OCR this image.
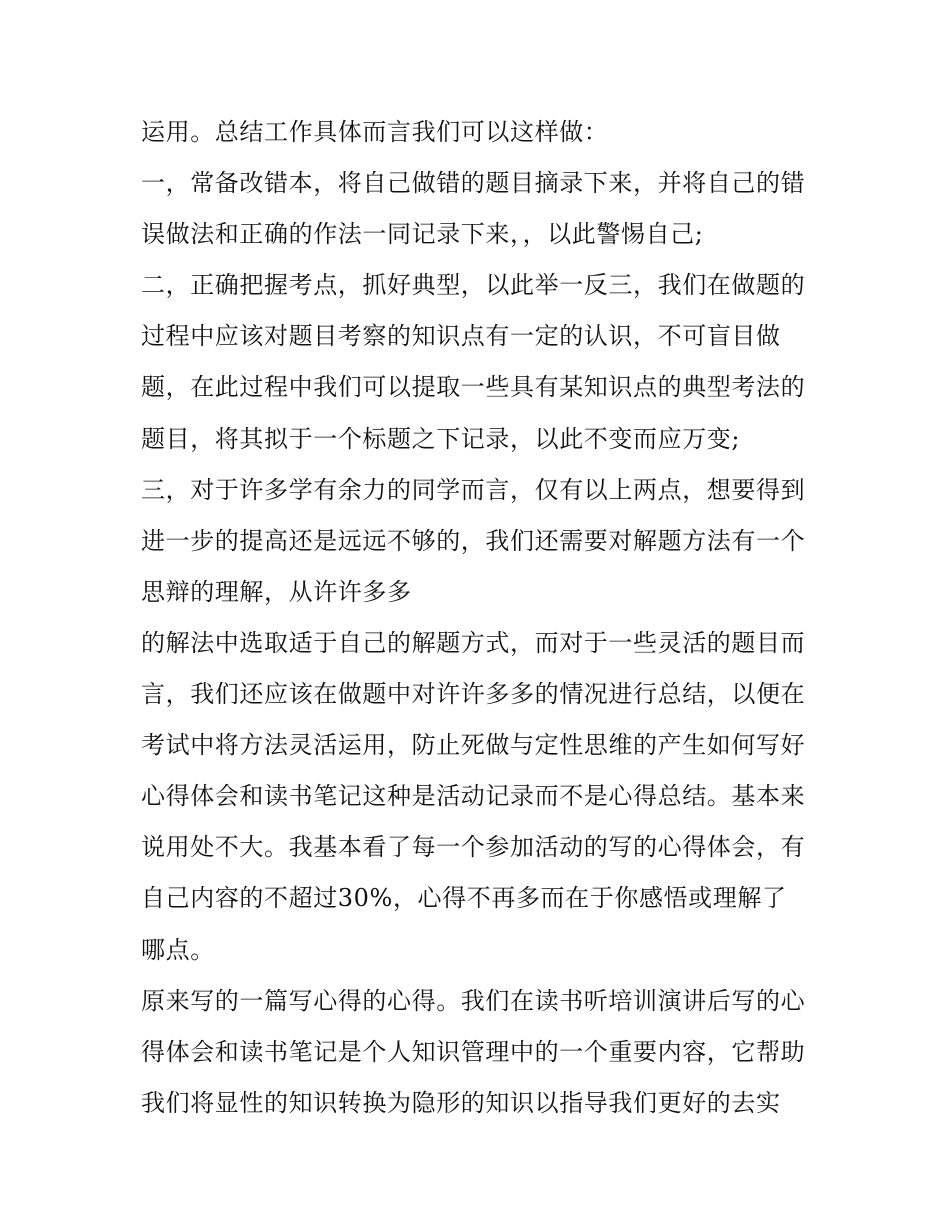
运用。总结工作具体而言我们可以这样做：
一，常备改错本，将自己做错的题目摘录下来，并将自己的错
误做法和正确的作法一同记录下来，，以此警惕自己;
二，正确把握考点，抓好典型，以此举一反三，我们在做题的
过程中应该对题目考察的知识点有一定的认识，不可盲目做
题，在此过程中我们可以提取一些具有某知识点的典型考法的
题目，将其拟于一个标题之下记录，以此不变而应万变;
三，对于许多学有余力的同学而言，仅有以上两点，想要得到
进一步的提高还是远远不够的，我们还需要对解题方法有一个
思辩的理解，从许许多多
的解法中选取适于自己的解题方式，而对于一些灵活的题目而
言，我们还应该在做题中对许许多多的情况进行总结，以便在
考试中将方法灵活运用，防止死做与定性思维的产生如何写好
心得体会和读书笔记这种是活动记录而不是心得总结。基本来
说用处不大。我基本看了每一个参加活动的写的心得体会，有
自己内容的不超过30%，心得不再多而在于你感悟或理解了
哪点。
原来写的一篇写心得的心得。我们在读书听培训演讲后写的心
得体会和读书笔记是个人知识管理中的一个重要内容，它帮助
我们将显性的知识转换为隐形的知识以指导我们更好的去实
